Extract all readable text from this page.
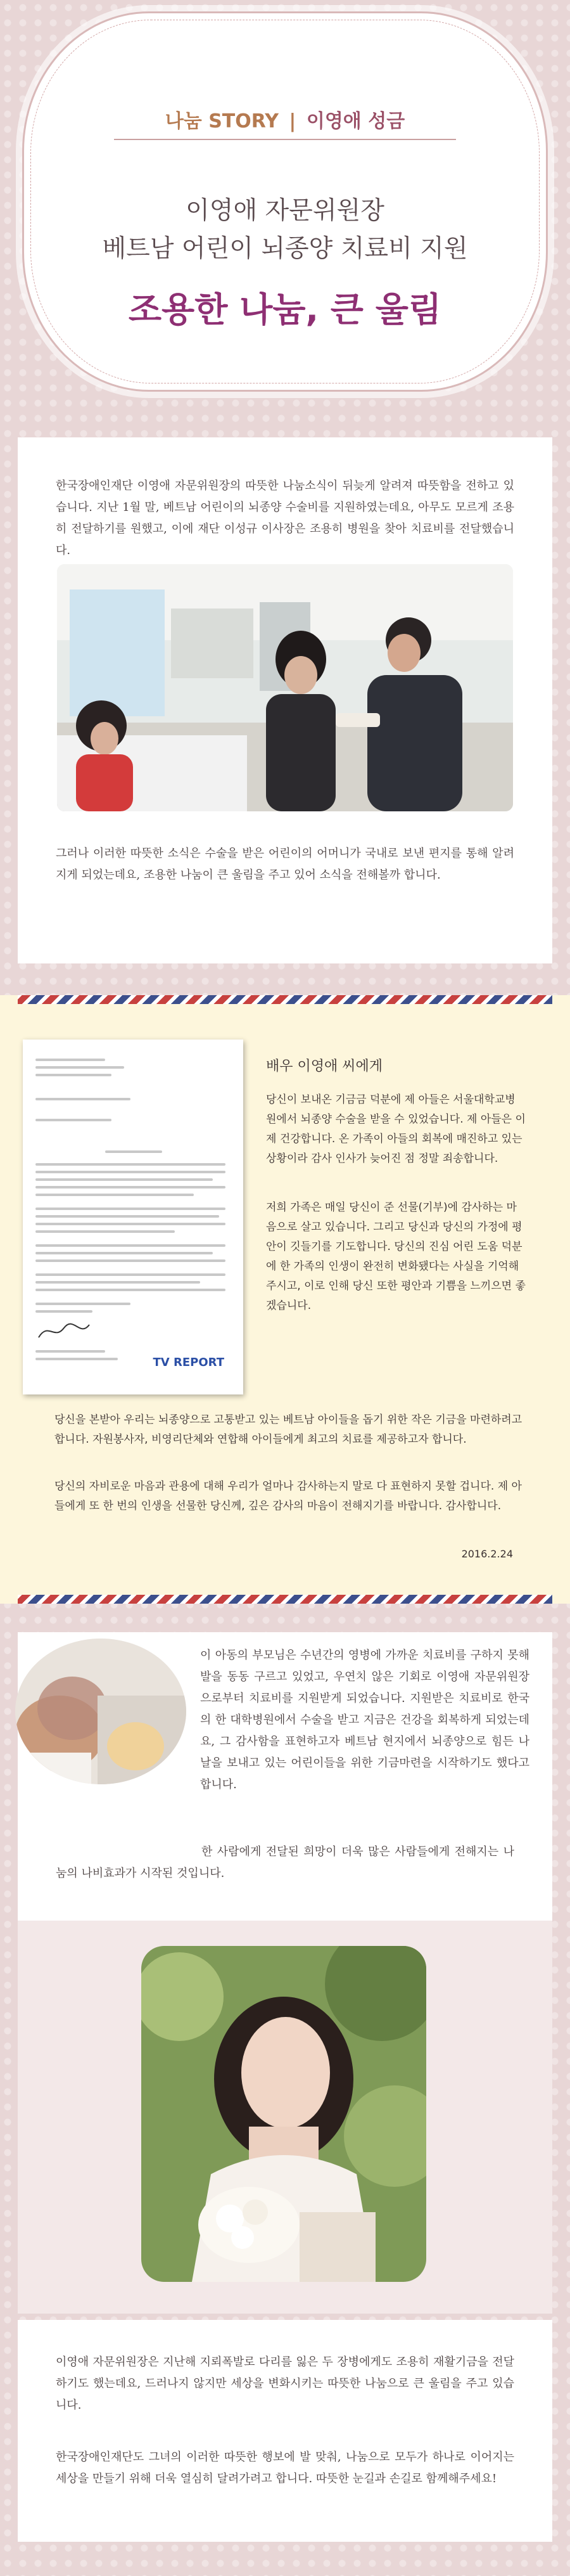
나눔 STORY | 이영애 성금
이영애 자문위원장
베트남 어린이 뇌종양 치료비 지원
조용한 나눔, 큰 울림

한국장애인재단 이영애 자문위원장의 따뜻한 나눔소식이 뒤늦게 알려져 따뜻함을 전하고 있습니다. 지난 1월 말, 베트남 어린이의 뇌종양 수술비를 지원하였는데요, 아무도 모르게 조용히 전달하기를 원했고, 이에 재단 이성규 이사장은 조용히 병원을 찾아 치료비를 전달했습니다.

그러나 이러한 따뜻한 소식은 수술을 받은 어린이의 어머니가 국내로 보낸 편지를 통해 알려지게 되었는데요, 조용한 나눔이 큰 울림을 주고 있어 소식을 전해볼까 합니다.

TV REPORT
배우 이영애 씨에게

당신이 보내온 기금금 덕분에 제 아들은 서울대학교병원에서 뇌종양 수술을 받을 수 있었습니다. 제 아들은 이제 건강합니다. 온 가족이 아들의 회복에 매진하고 있는 상황이라 감사 인사가 늦어진 점 정말 죄송합니다.

저희 가족은 매일 당신이 준 선물(기부)에 감사하는 마음으로 살고 있습니다. 그리고 당신과 당신의 가정에 평안이 깃들기를 기도합니다. 당신의 진심 어린 도움 덕분에 한 가족의 인생이 완전히 변화됐다는 사실을 기억해주시고, 이로 인해 당신 또한 평안과 기쁨을 느끼으면 좋겠습니다.

당신을 본받아 우리는 뇌종양으로 고통받고 있는 베트남 아이들을 돕기 위한 작은 기금을 마련하려고 합니다. 자원봉사자, 비영리단체와 연합해 아이들에게 최고의 치료를 제공하고자 합니다.

당신의 자비로운 마음과 관용에 대해 우리가 얼마나 감사하는지 말로 다 표현하지 못할 겁니다. 제 아들에게 또 한 번의 인생을 선물한 당신께, 깊은 감사의 마음이 전해지기를 바랍니다. 감사합니다.

2016.2.24

이 아동의 부모님은 수년간의 영병에 가까운 치료비를 구하지 못해 발을 동동 구르고 있었고, 우연치 않은 기회로 이영애 자문위원장으로부터 치료비를 지원받게 되었습니다. 지원받은 치료비로 한국의 한 대학병원에서 수술을 받고 지금은 건강을 회복하게 되었는데요, 그 감사함을 표현하고자 베트남 현지에서 뇌종양으로 힘든 나날을 보내고 있는 어린이들을 위한 기금마련을 시작하기도 했다고 합니다.

한 사람에게 전달된 희망이 더욱 많은 사람들에게 전해지는 나눔의 나비효과가 시작된 것입니다.

이영애 자문위원장은 지난해 지뢰폭발로 다리를 잃은 두 장병에게도 조용히 재활기금을 전달하기도 했는데요, 드러나지 않지만 세상을 변화시키는 따뜻한 나눔으로 큰 울림을 주고 있습니다.

한국장애인재단도 그녀의 이러한 따뜻한 행보에 발 맞춰, 나눔으로 모두가 하나로 이어지는 세상을 만들기 위해 더욱 열심히 달려가려고 합니다. 따뜻한 눈길과 손길로 함께해주세요!
